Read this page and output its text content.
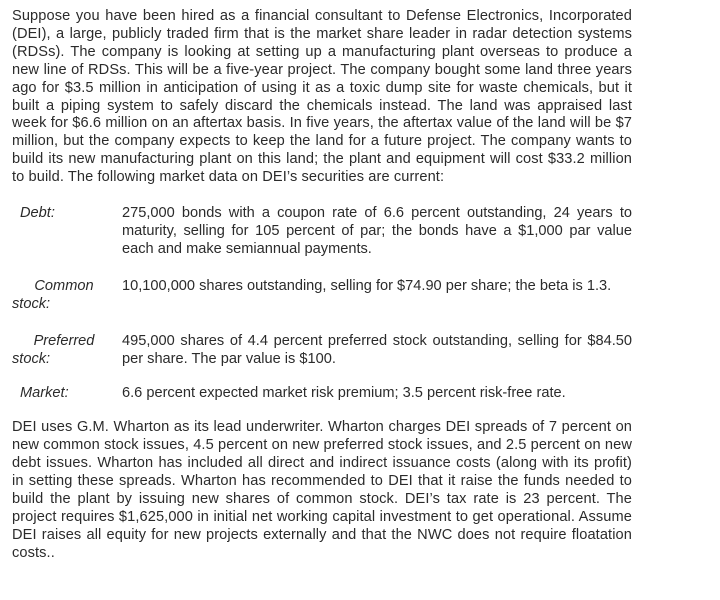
Suppose you have been hired as a financial consultant to Defense Electronics, Incorporated (DEI), a large, publicly traded firm that is the market share leader in radar detection systems (RDSs). The company is looking at setting up a manufacturing plant overseas to produce a new line of RDSs. This will be a five-year project. The company bought some land three years ago for $3.5 million in anticipation of using it as a toxic dump site for waste chemicals, but it built a piping system to safely discard the chemicals instead. The land was appraised last week for $6.6 million on an aftertax basis. In five years, the aftertax value of the land will be $7 million, but the company expects to keep the land for a future project. The company wants to build its new manufacturing plant on this land; the plant and equipment will cost $33.2 million to build. The following market data on DEI’s securities are current:

Debt:	275,000 bonds with a coupon rate of 6.6 percent outstanding, 24 years to maturity, selling for 105 percent of par; the bonds have a $1,000 par value each and make semiannual payments.
Common
stock:
10,100,000 shares outstanding, selling for $74.90 per share; the beta is 1.3.
Preferred
stock:
495,000 shares of 4.4 percent preferred stock outstanding, selling for $84.50 per share. The par value is $100.
Market:	6.6 percent expected market risk premium; 3.5 percent risk-free rate.

DEI uses G.M. Wharton as its lead underwriter. Wharton charges DEI spreads of 7 percent on new common stock issues, 4.5 percent on new preferred stock issues, and 2.5 percent on new debt issues. Wharton has included all direct and indirect issuance costs (along with its profit) in setting these spreads. Wharton has recommended to DEI that it raise the funds needed to build the plant by issuing new shares of common stock. DEI’s tax rate is 23 percent. The project requires $1,625,000 in initial net working capital investment to get operational. Assume DEI raises all equity for new projects externally and that the NWC does not require floatation costs..
